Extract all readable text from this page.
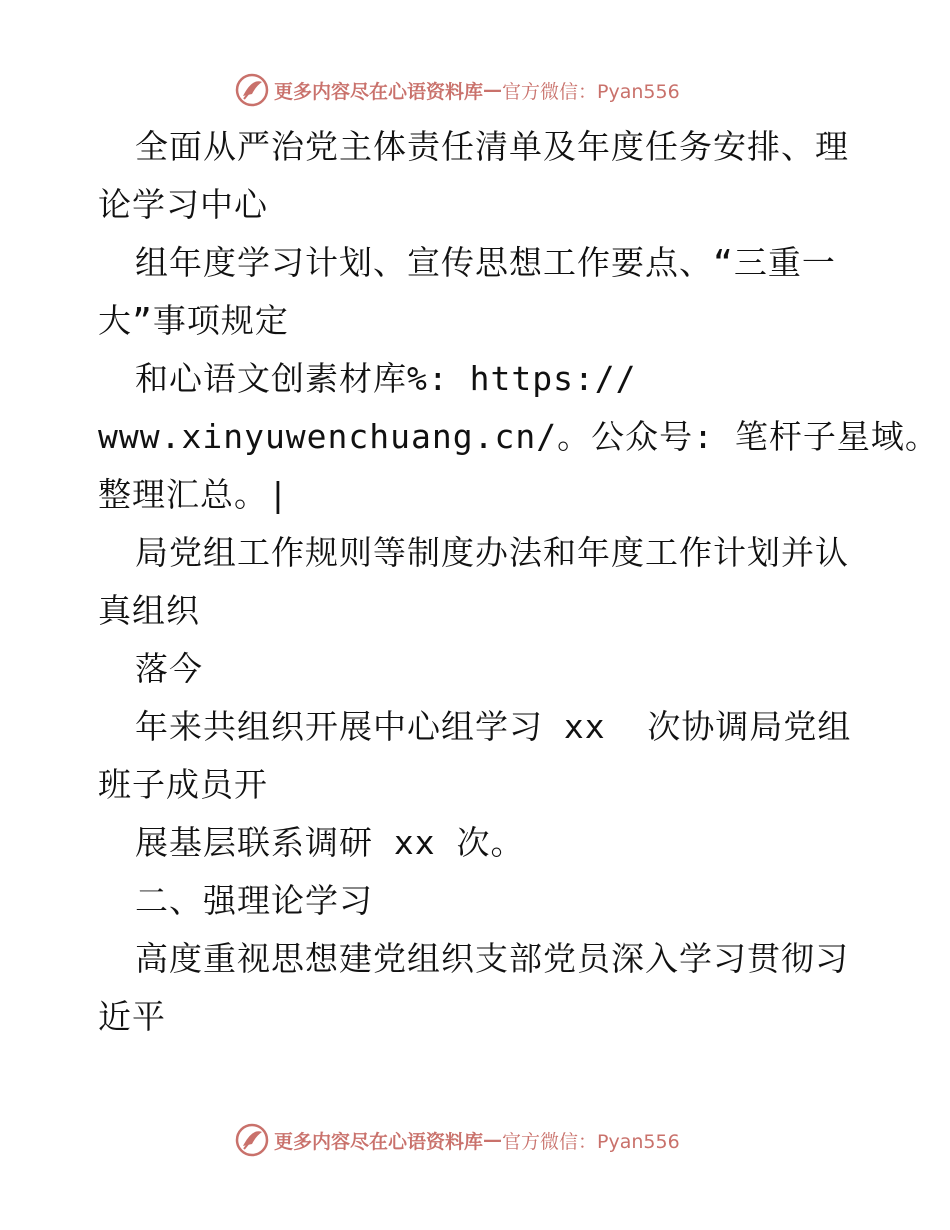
更多内容尽在心语资料库 — 官方微信：Pyan556
全面从严治党主体责任清单及年度任务安排、理
论学习中心
组年度学习计划、宣传思想工作要点、“三重一
大”事项规定
和心语文创素材库%: https://
www.xinyuwenchuang.cn/。公众号: 笔杆子星域。
整理汇总。|
局党组工作规则等制度办法和年度工作计划并认
真组织
落今
年来共组织开展中心组学习 xx  次协调局党组
班子成员开
展基层联系调研 xx 次。
二、强理论学习
高度重视思想建党组织支部党员深入学习贯彻习
近平
更多内容尽在心语资料库 — 官方微信：Pyan556
